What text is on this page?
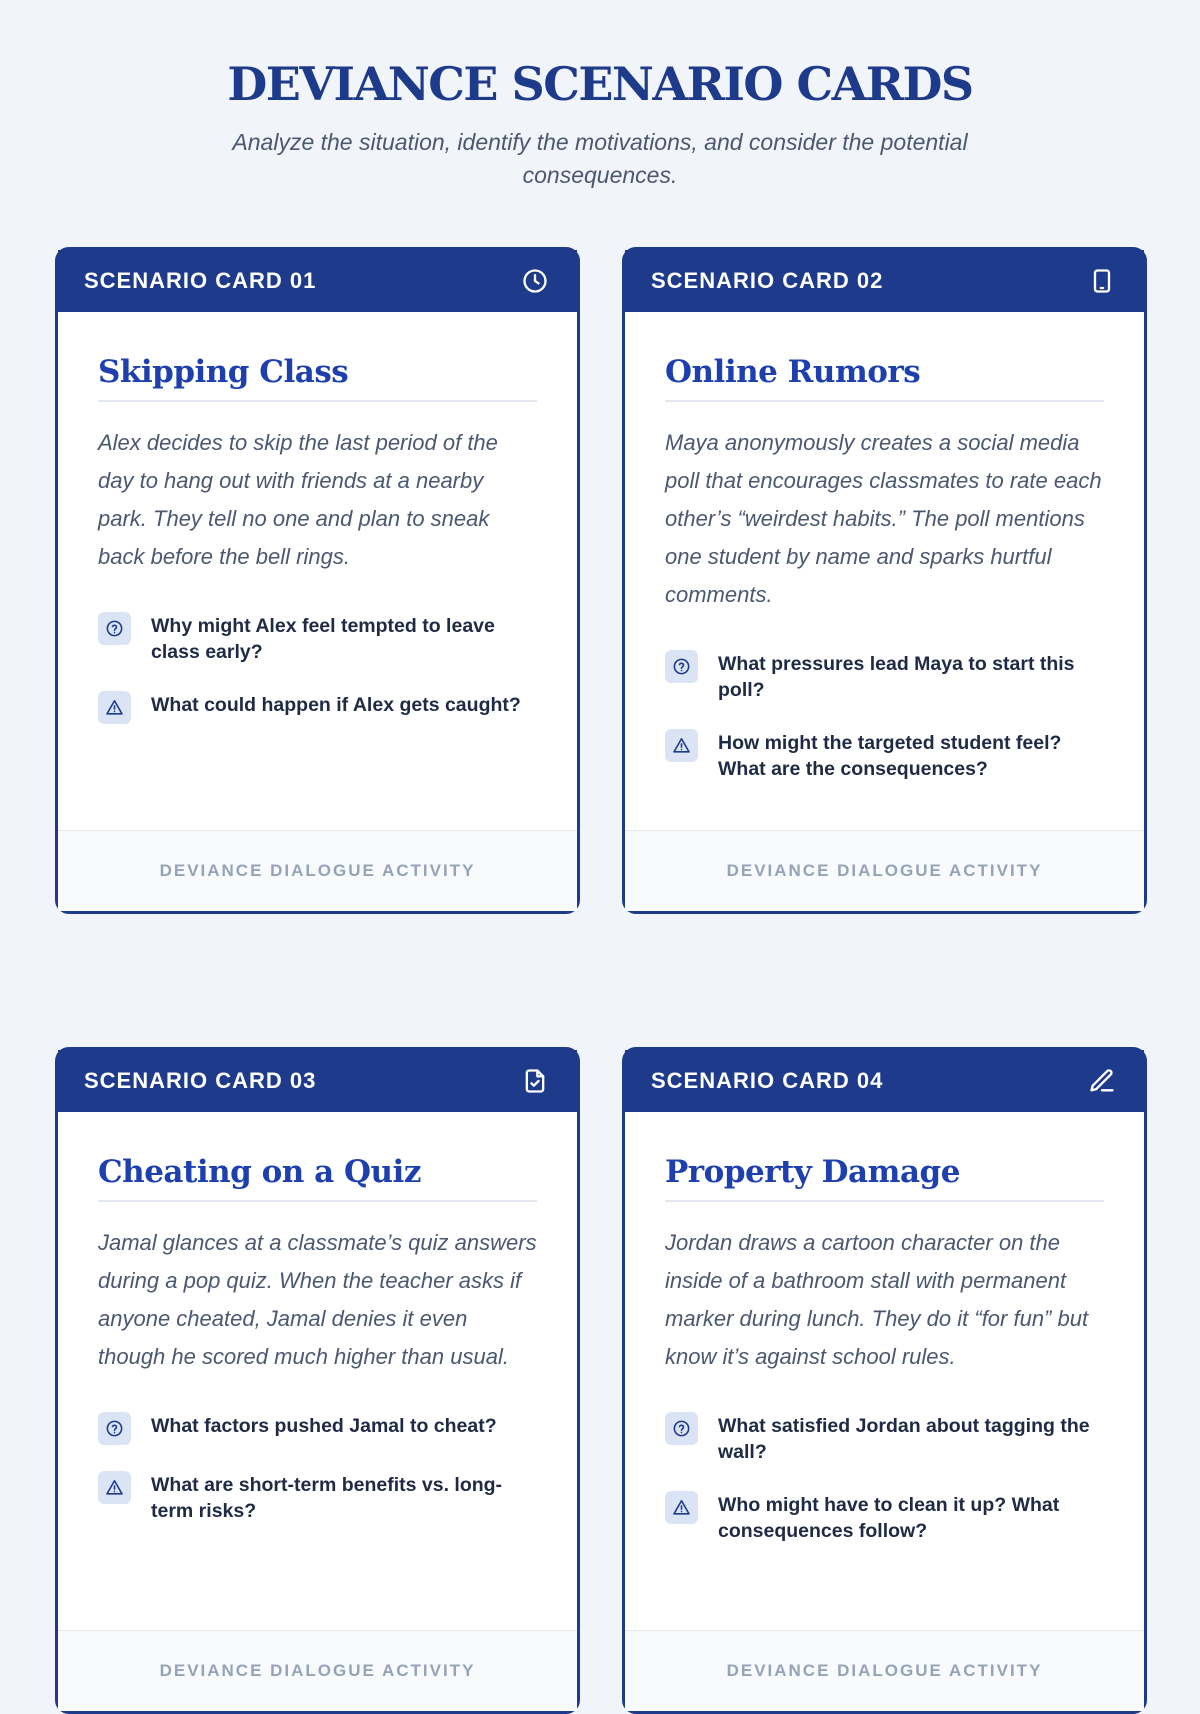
DEVIANCE SCENARIO CARDS

Analyze the situation, identify the motivations, and consider the potential consequences.

SCENARIO CARD 01
Skipping Class

Alex decides to skip the last period of the day to hang out with friends at a nearby park. They tell no one and plan to sneak back before the bell rings.

Why might Alex feel tempted to leave class early?
What could happen if Alex gets caught?
DEVIANCE DIALOGUE ACTIVITY
SCENARIO CARD 02
Online Rumors

Maya anonymously creates a social media poll that encourages classmates to rate each other’s “weirdest habits.” The poll mentions one student by name and sparks hurtful comments.

What pressures lead Maya to start this poll?
How might the targeted student feel? What are the consequences?
DEVIANCE DIALOGUE ACTIVITY
SCENARIO CARD 03
Cheating on a Quiz

Jamal glances at a classmate’s quiz answers during a pop quiz. When the teacher asks if anyone cheated, Jamal denies it even though he scored much higher than usual.

What factors pushed Jamal to cheat?
What are short-term benefits vs. long-term risks?
DEVIANCE DIALOGUE ACTIVITY
SCENARIO CARD 04
Property Damage

Jordan draws a cartoon character on the inside of a bathroom stall with permanent marker during lunch. They do it “for fun” but know it’s against school rules.

What satisfied Jordan about tagging the wall?
Who might have to clean it up? What consequences follow?
DEVIANCE DIALOGUE ACTIVITY
